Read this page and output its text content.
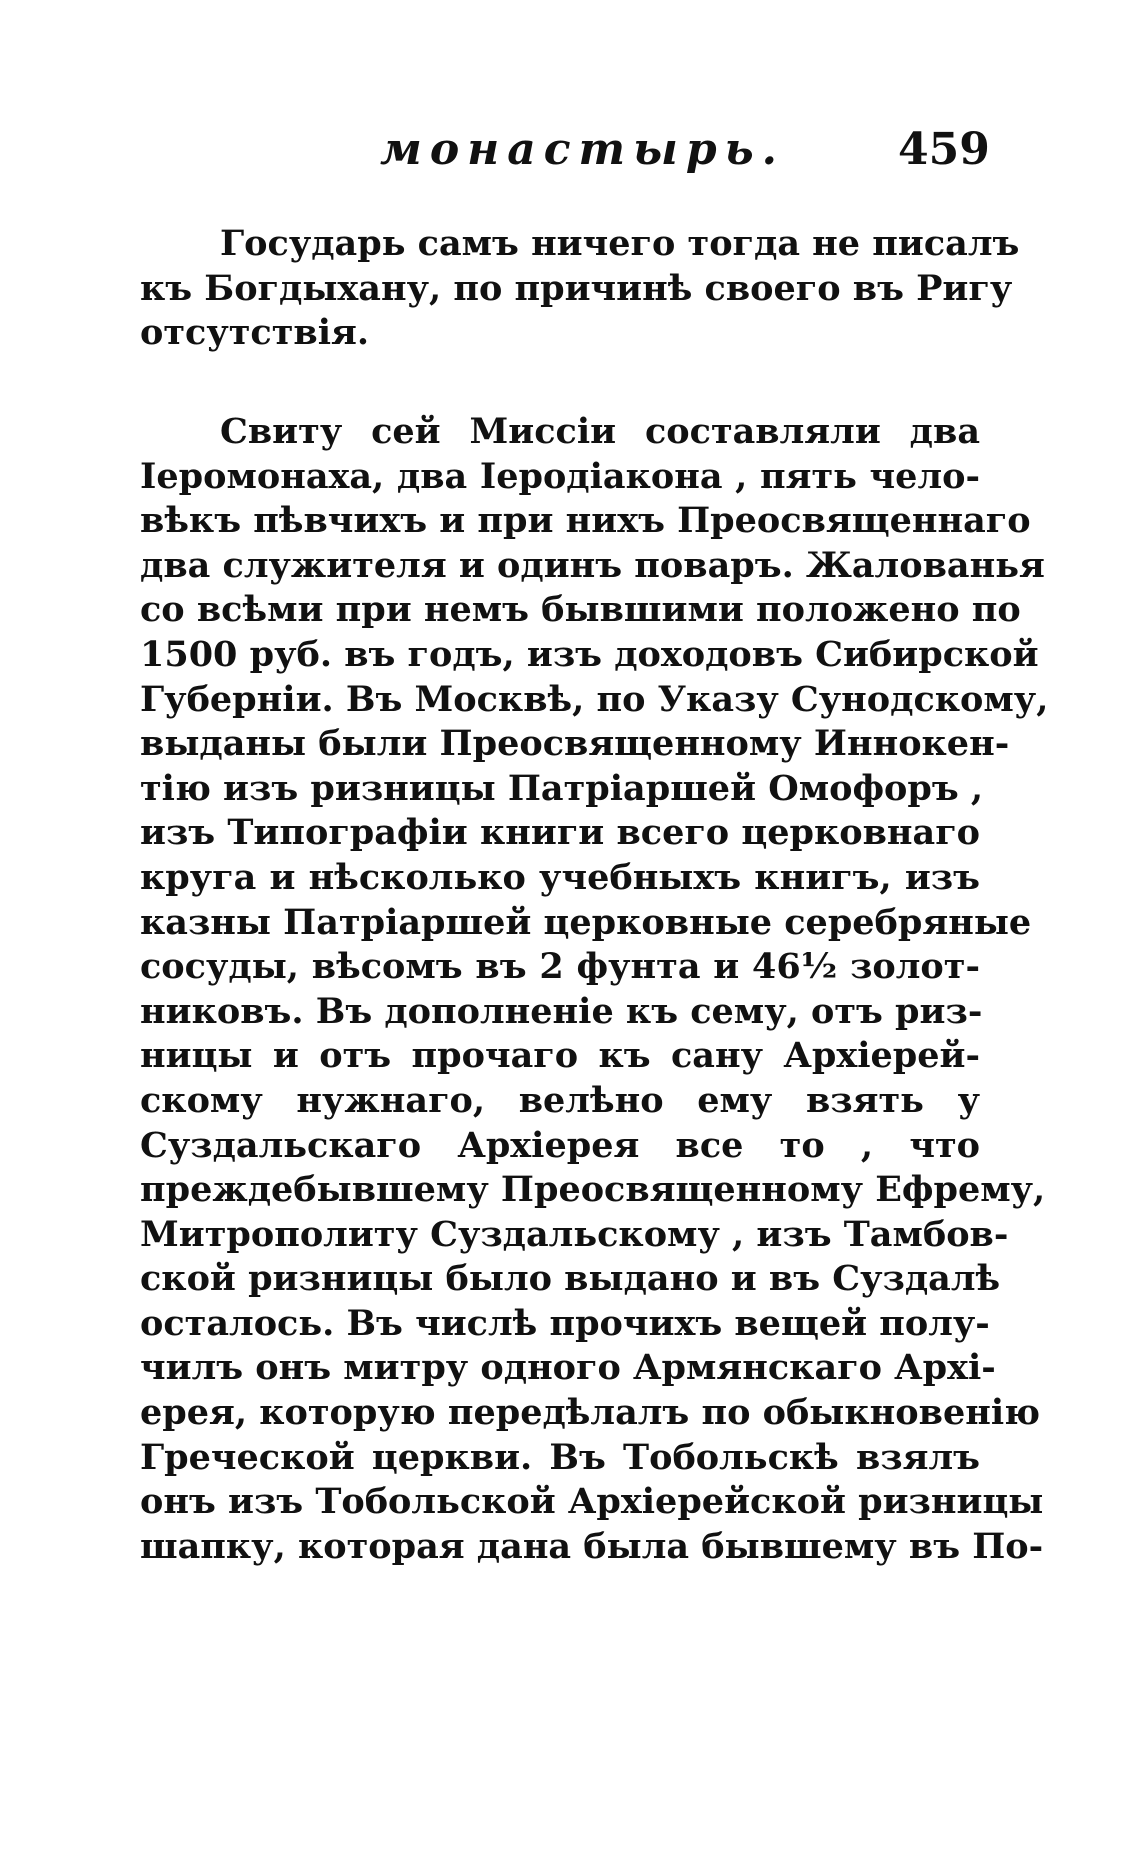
монастырь.	459
Государь самъ ничего тогда не писалъ
къ Богдыхану, по причинѣ своего въ Ригу
отсутствія.
Свиту сей Миссіи составляли два
Іеромонаха, два Іеродіакона , пять чело-
вѣкъ пѣвчихъ и при нихъ Преосвященнаго
два служителя и одинъ поваръ. Жалованья
со всѣми при немъ бывшими положено по
1500 руб. въ годъ, изъ доходовъ Сибирской
Губерніи. Въ Москвѣ, по Указу Сунодскому,
выданы были Преосвященному Иннокен-
тію изъ ризницы Патріаршей Омофоръ ,
изъ Типографіи книги всего церковнаго
круга и нѣсколько учебныхъ книгъ, изъ
казны Патріаршей церковные серебряные
сосуды, вѣсомъ въ 2 фунта и 46½ золот-
никовъ. Въ дополненіе къ сему, отъ риз-
ницы и отъ прочаго къ сану Архіерей-
скому нужнаго, велѣно ему взять у
Суздальскаго Архіерея все то , что
преждебывшему Преосвященному Ефрему,
Митрополиту Суздальскому , изъ Тамбов-
ской ризницы было выдано и въ Суздалѣ
осталось. Въ числѣ прочихъ вещей полу-
чилъ онъ митру одного Армянскаго Архі-
ерея, которую передѣлалъ по обыкновенію
Греческой церкви. Въ Тобольскѣ взялъ
онъ изъ Тобольской Архіерейской ризницы
шапку, которая дана была бывшему въ По-
